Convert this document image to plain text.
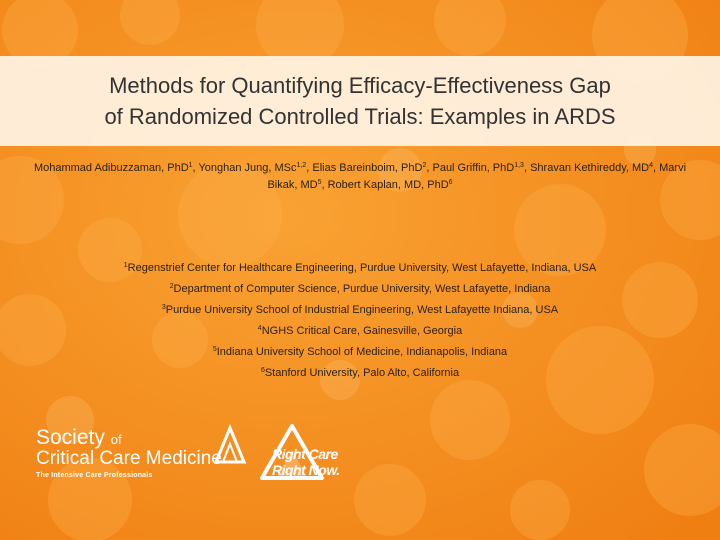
Methods for Quantifying Efficacy-Effectiveness Gap
of Randomized Controlled Trials: Examples in ARDS
Mohammad Adibuzzaman, PhD$^1$, Yonghan Jung, MSc$^{1,2}$, Elias Bareinboim, PhD$^2$, Paul Griffin, PhD$^{1,3}$, Shravan Kethireddy, $MD^4$, Marvi Bikak, $MD^5$, Robert Kaplan, MD, PhD$^6$
$^1$Regenstrief Center for Healthcare Engineering, Purdue University, West Lafayette, Indiana, USA
$^2$Department of Computer Science, Purdue University, West Lafayette, Indiana
$^3$Purdue University School of Industrial Engineering, West Lafayette Indiana, USA
$^4$NGHS Critical Care, Gainesville, Georgia
$^5$Indiana University School of Medicine, Indianapolis, Indiana
$^6$Stanford University, Palo Alto, California
Society of
Critical Care Medicine
The Intensive Care Professionals
Right Care
Right Now.
